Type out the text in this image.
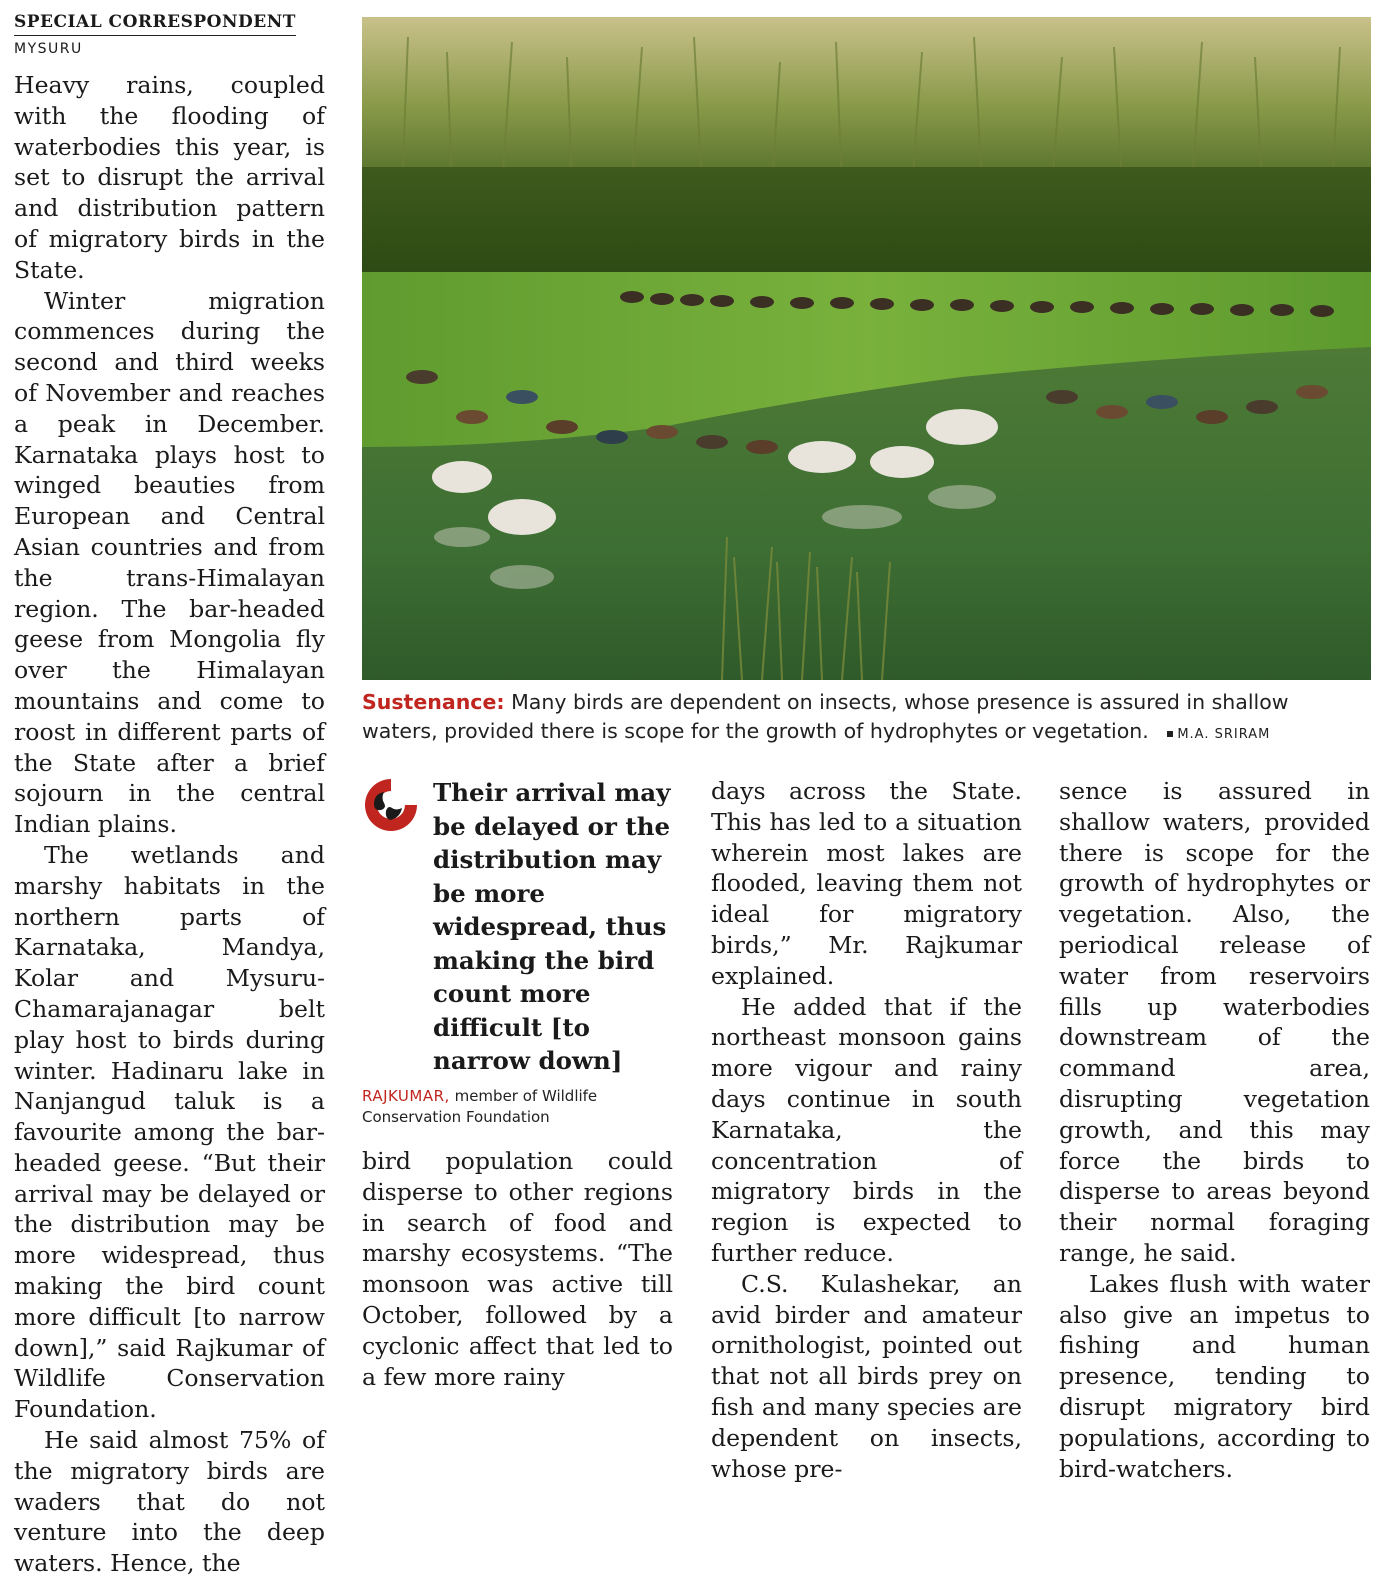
SPECIAL CORRESPONDENT
MYSURU

Heavy rains, coupled with the flooding of waterbodies this year, is set to disrupt the arrival and distribution pattern of migratory birds in the State.

Winter migration commences during the second and third weeks of November and reaches a peak in December. Karnataka plays host to winged beauties from European and Central Asian countries and from the trans-Himalayan region. The bar-headed geese from Mongolia fly over the Himalayan mountains and come to roost in different parts of the State after a brief sojourn in the central Indian plains.

The wetlands and marshy habitats in the northern parts of Karnataka, Mandya, Kolar and Mysuru-Chamarajanagar belt play host to birds during winter. Hadinaru lake in Nanjangud taluk is a favourite among the bar-headed geese. “But their arrival may be delayed or the distribution may be more widespread, thus making the bird count more difficult [to narrow down],” said Rajkumar of Wildlife Conservation Foundation.

He said almost 75% of the migratory birds are waders that do not venture into the deep waters. Hence, the

Sustenance: Many birds are dependent on insects, whose presence is assured in shallow waters, provided there is scope for the growth of hydrophytes or vegetation. M.A. SRIRAM
Their arrival may be delayed or the distribution may be more widespread, thus making the bird count more difficult [to narrow down]
RAJKUMAR, member of Wildlife Conservation Foundation

bird population could disperse to other regions in search of food and marshy ecosystems. “The monsoon was active till October, followed by a cyclonic affect that led to a few more rainy

days across the State. This has led to a situation wherein most lakes are flooded, leaving them not ideal for migratory birds,” Mr. Rajkumar explained.

He added that if the northeast monsoon gains more vigour and rainy days continue in south Karnataka, the concentration of migratory birds in the region is expected to further reduce.

C.S. Kulashekar, an avid birder and amateur ornithologist, pointed out that not all birds prey on fish and many species are dependent on insects, whose pre-

sence is assured in shallow waters, provided there is scope for the growth of hydrophytes or vegetation. Also, the periodical release of water from reservoirs fills up waterbodies downstream of the command area, disrupting vegetation growth, and this may force the birds to disperse to areas beyond their normal foraging range, he said.

Lakes flush with water also give an impetus to fishing and human presence, tending to disrupt migratory bird populations, according to bird-watchers.
